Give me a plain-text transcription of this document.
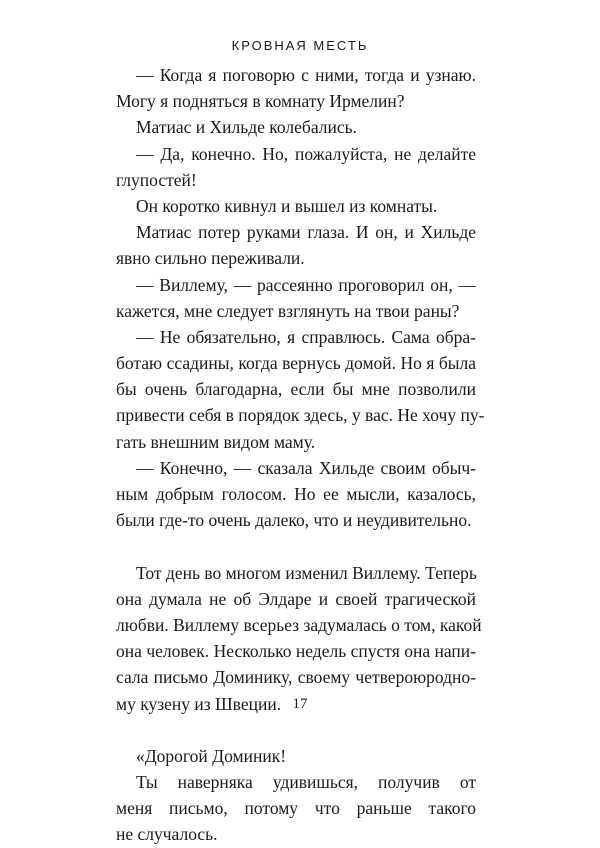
КРОВНАЯ МЕСТЬ
— Когда я поговорю с ними, тогда и узнаю.
Могу я подняться в комнату Ирмелин?
Матиас и Хильде колебались.
— Да, конечно. Но, пожалуйста, не делайте
глупостей!
Он коротко кивнул и вышел из комнаты.
Матиас потер руками глаза. И он, и Хильде
явно сильно переживали.
— Виллему, — рассеянно проговорил он, —
кажется, мне следует взглянуть на твои раны?
— Не обязательно, я справлюсь. Сама обра-
ботаю ссадины, когда вернусь домой. Но я была
бы очень благодарна, если бы мне позволили
привести себя в порядок здесь, у вас. Не хочу пу-
гать внешним видом маму.
— Конечно, — сказала Хильде своим обыч-
ным добрым голосом. Но ее мысли, казалось,
были где-то очень далеко, что и неудивительно.
Тот день во многом изменил Виллему. Теперь
она думала не об Элдаре и своей трагической
любви. Виллему всерьез задумалась о том, какой
она человек. Несколько недель спустя она напи-
сала письмо Доминику, своему четвероюродно-
му кузену из Швеции.
«Дорогой Доминик!
Ты наверняка удивишься, получив от
меня письмо, потому что раньше такого
не случалось.
17
